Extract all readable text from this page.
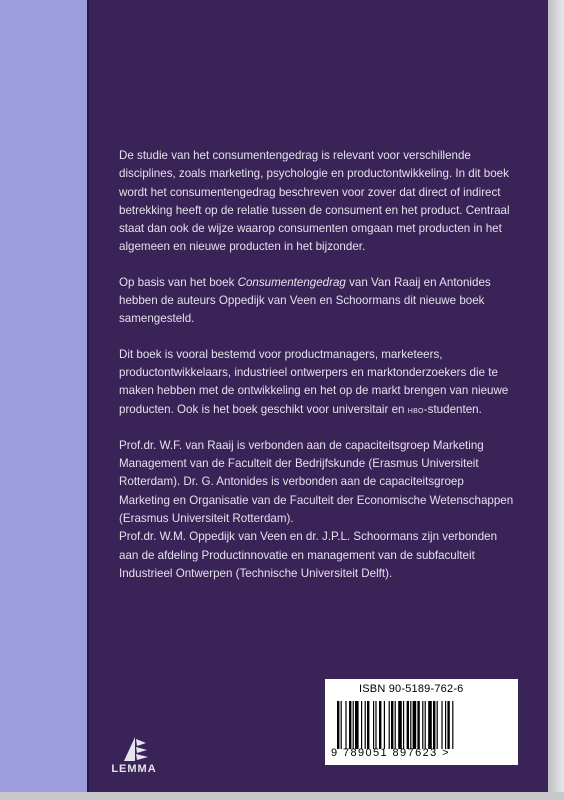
De studie van het consumentengedrag is relevant voor verschillende disciplines, zoals marketing, psychologie en productontwikkeling. In dit boek wordt het consumentengedrag beschreven voor zover dat direct of indirect betrekking heeft op de relatie tussen de consument en het product. Centraal staat dan ook de wijze waarop consumenten omgaan met producten in het algemeen en nieuwe producten in het bijzonder.

Op basis van het boek Consumentengedrag van Van Raaij en Antonides hebben de auteurs Oppedijk van Veen en Schoormans dit nieuwe boek samengesteld.

Dit boek is vooral bestemd voor productmanagers, marketeers, productontwikkelaars, industrieel ontwerpers en marktonderzoekers die te maken hebben met de ontwikkeling en het op de markt brengen van nieuwe producten. Ook is het boek geschikt voor universitair en hbo-studenten.

Prof.dr. W.F. van Raaij is verbonden aan de capaciteitsgroep Marketing Management van de Faculteit der Bedrijfskunde (Erasmus Universiteit Rotterdam). Dr. G. Antonides is verbonden aan de capaciteitsgroep Marketing en Organisatie van de Faculteit der Economische Wetenschappen (Erasmus Universiteit Rotterdam).

Prof.dr. W.M. Oppedijk van Veen en dr. J.P.L. Schoormans zijn verbonden aan de afdeling Productinnovatie en management van de subfaculteit Industrieel Ontwerpen (Technische Universiteit Delft).

LEMMA
ISBN 90-5189-762-6
9 789051 897623 >
